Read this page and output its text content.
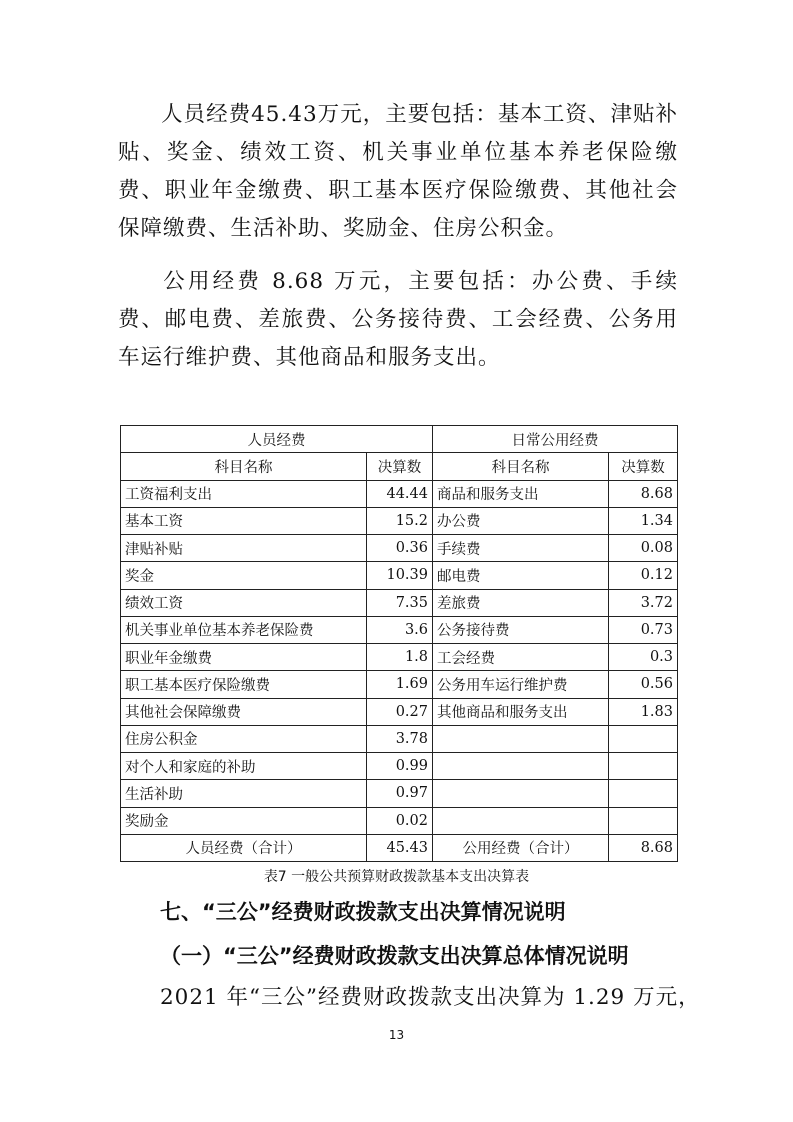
人员经费45.43万元，主要包括：基本工资、津贴补贴、奖金、绩效工资、机关事业单位基本养老保险缴费、职业年金缴费、职工基本医疗保险缴费、其他社会保障缴费、生活补助、奖励金、住房公积金。
公用经费 8.68 万元，主要包括：办公费、手续费、邮电费、差旅费、公务接待费、工会经费、公务用车运行维护费、其他商品和服务支出。
人员经费		日常公用经费	
科目名称	决算数	科目名称	决算数
工资福利支出	44.44	商品和服务支出	8.68
基本工资	15.2	办公费	1.34
津贴补贴	0.36	手续费	0.08
奖金	10.39	邮电费	0.12
绩效工资	7.35	差旅费	3.72
机关事业单位基本养老保险费	3.6	公务接待费	0.73
职业年金缴费	1.8	工会经费	0.3
职工基本医疗保险缴费	1.69	公务用车运行维护费	0.56
其他社会保障缴费	0.27	其他商品和服务支出	1.83
住房公积金	3.78		
对个人和家庭的补助	0.99		
生活补助	0.97		
奖励金	0.02		
人员经费（合计）	45.43	公用经费（合计）	8.68
表7 一般公共预算财政拨款基本支出决算表
七、“三公”经费财政拨款支出决算情况说明
（一）“三公”经费财政拨款支出决算总体情况说明
2021 年“三公”经费财政拨款支出决算为 1.29 万元，
13
